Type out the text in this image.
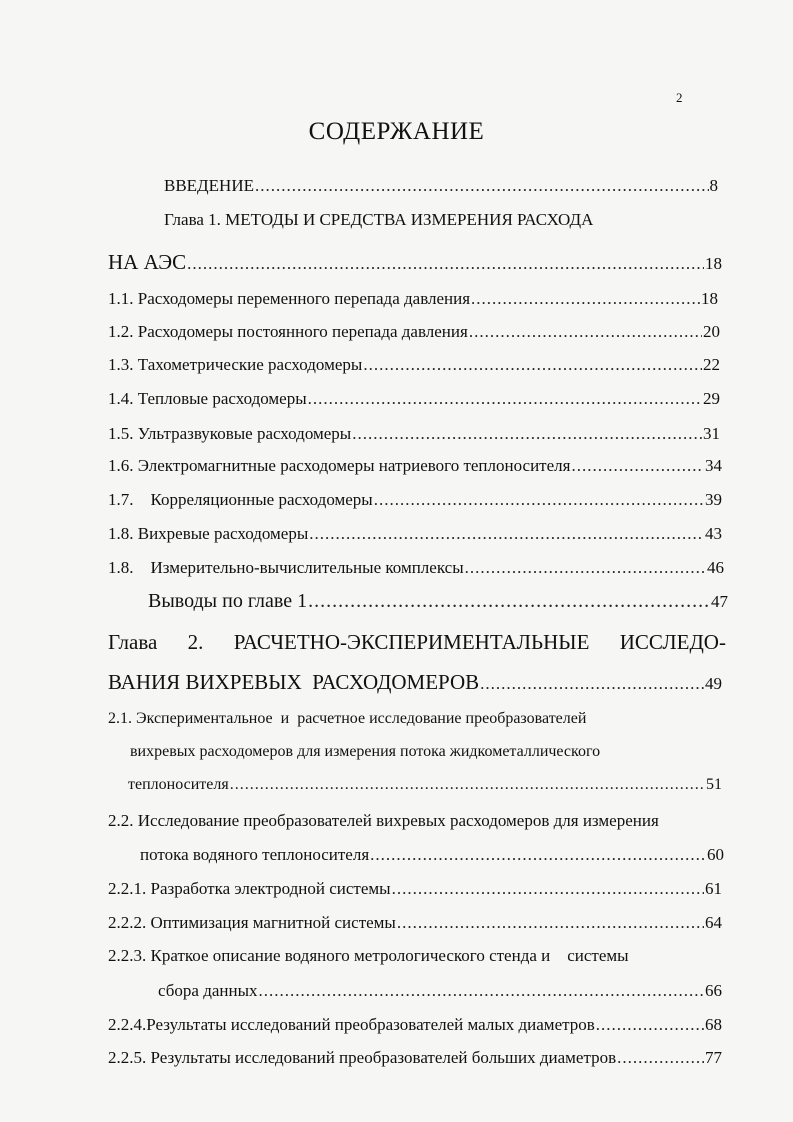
2
СОДЕРЖАНИЕ
ВВЕДЕНИЕ .....	8
Глава 1. МЕТОДЫ И СРЕДСТВА ИЗМЕРЕНИЯ РАСХОДА
НА АЭС .....	18
1.1. Расходомеры переменного перепада давления .....	18
1.2. Расходомеры постоянного перепада давления .....	20
1.3. Тахометрические расходомеры .....	22
1.4. Тепловые расходомеры .....	29
1.5. Ультразвуковые расходомеры .....	31
1.6. Электромагнитные расходомеры натриевого теплоносителя .....	34
1.7.    Корреляционные расходомеры .....	39
1.8. Вихревые расходомеры .....	43
1.8.    Измерительно-вычислительные комплексы .....	46
Выводы по главе 1 .....	47
Глава 2. РАСЧЕТНО-ЭКСПЕРИМЕНТАЛЬНЫЕ ИССЛЕДО-
ВАНИЯ ВИХРЕВЫХ  РАСХОДОМЕРОВ .....	49
2.1. Экспериментальное  и  расчетное исследование преобразователей
вихревых расходомеров для измерения потока жидкометаллического
теплоносителя .....	51
2.2. Исследование преобразователей вихревых расходомеров для измерения
потока водяного теплоносителя .....	60
2.2.1. Разработка электродной системы .....	61
2.2.2. Оптимизация магнитной системы .....	64
2.2.3. Краткое описание водяного метрологического стенда и    системы
сбора данных .....	66
2.2.4.Результаты исследований преобразователей малых диаметров .....	68
2.2.5. Результаты исследований преобразователей больших диаметров .....	77
